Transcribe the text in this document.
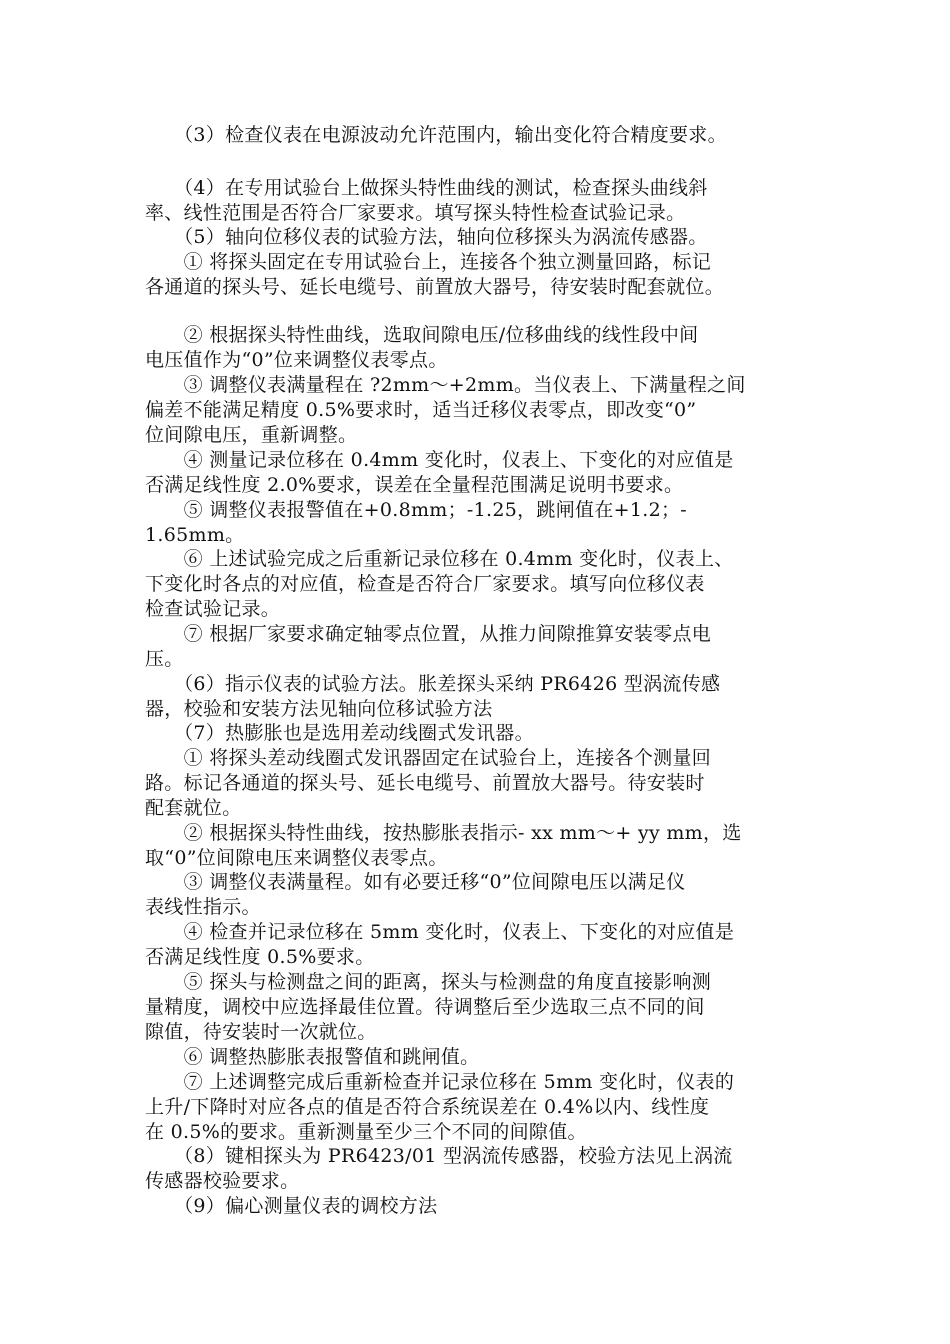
　　（3）检查仪表在电源波动允许范围内，输出变化符合精度要求。

　　（4）在专用试验台上做探头特性曲线的测试，检查探头曲线斜
率、线性范围是否符合厂家要求。填写探头特性检查试验记录。

　　（5）轴向位移仪表的试验方法，轴向位移探头为涡流传感器。

　　① 将探头固定在专用试验台上，连接各个独立测量回路，标记
各通道的探头号、延长电缆号、前置放大器号，待安装时配套就位。

　　② 根据探头特性曲线，选取间隙电压/位移曲线的线性段中间
电压值作为“0”位来调整仪表零点。

　　③ 调整仪表满量程在 ?2mm～+2mm。当仪表上、下满量程之间
偏差不能满足精度 0.5%要求时，适当迁移仪表零点，即改变“0”
位间隙电压，重新调整。

　　④ 测量记录位移在 0.4mm 变化时，仪表上、下变化的对应值是
否满足线性度 2.0%要求，误差在全量程范围满足说明书要求。

　　⑤ 调整仪表报警值在+0.8mm；-1.25，跳闸值在+1.2；-
1.65mm。

　　⑥ 上述试验完成之后重新记录位移在 0.4mm 变化时，仪表上、
下变化时各点的对应值，检查是否符合厂家要求。填写向位移仪表
检查试验记录。

　　⑦ 根据厂家要求确定轴零点位置，从推力间隙推算安装零点电
压。

　　（6）指示仪表的试验方法。胀差探头采纳 PR6426 型涡流传感
器，校验和安装方法见轴向位移试验方法

　　（7）热膨胀也是选用差动线圈式发讯器。

　　① 将探头差动线圈式发讯器固定在试验台上，连接各个测量回
路。标记各通道的探头号、延长电缆号、前置放大器号。待安装时
配套就位。

　　② 根据探头特性曲线，按热膨胀表指示- xx mm～+ yy mm，选
取“0”位间隙电压来调整仪表零点。

　　③ 调整仪表满量程。如有必要迁移“0”位间隙电压以满足仪
表线性指示。

　　④ 检查并记录位移在 5mm 变化时，仪表上、下变化的对应值是
否满足线性度 0.5%要求。

　　⑤ 探头与检测盘之间的距离，探头与检测盘的角度直接影响测
量精度，调校中应选择最佳位置。待调整后至少选取三点不同的间
隙值，待安装时一次就位。

　　⑥ 调整热膨胀表报警值和跳闸值。

　　⑦ 上述调整完成后重新检查并记录位移在 5mm 变化时，仪表的
上升/下降时对应各点的值是否符合系统误差在 0.4%以内、线性度
在 0.5%的要求。重新测量至少三个不同的间隙值。

　　（8）键相探头为 PR6423/01 型涡流传感器，校验方法见上涡流
传感器校验要求。

　　（9）偏心测量仪表的调校方法
